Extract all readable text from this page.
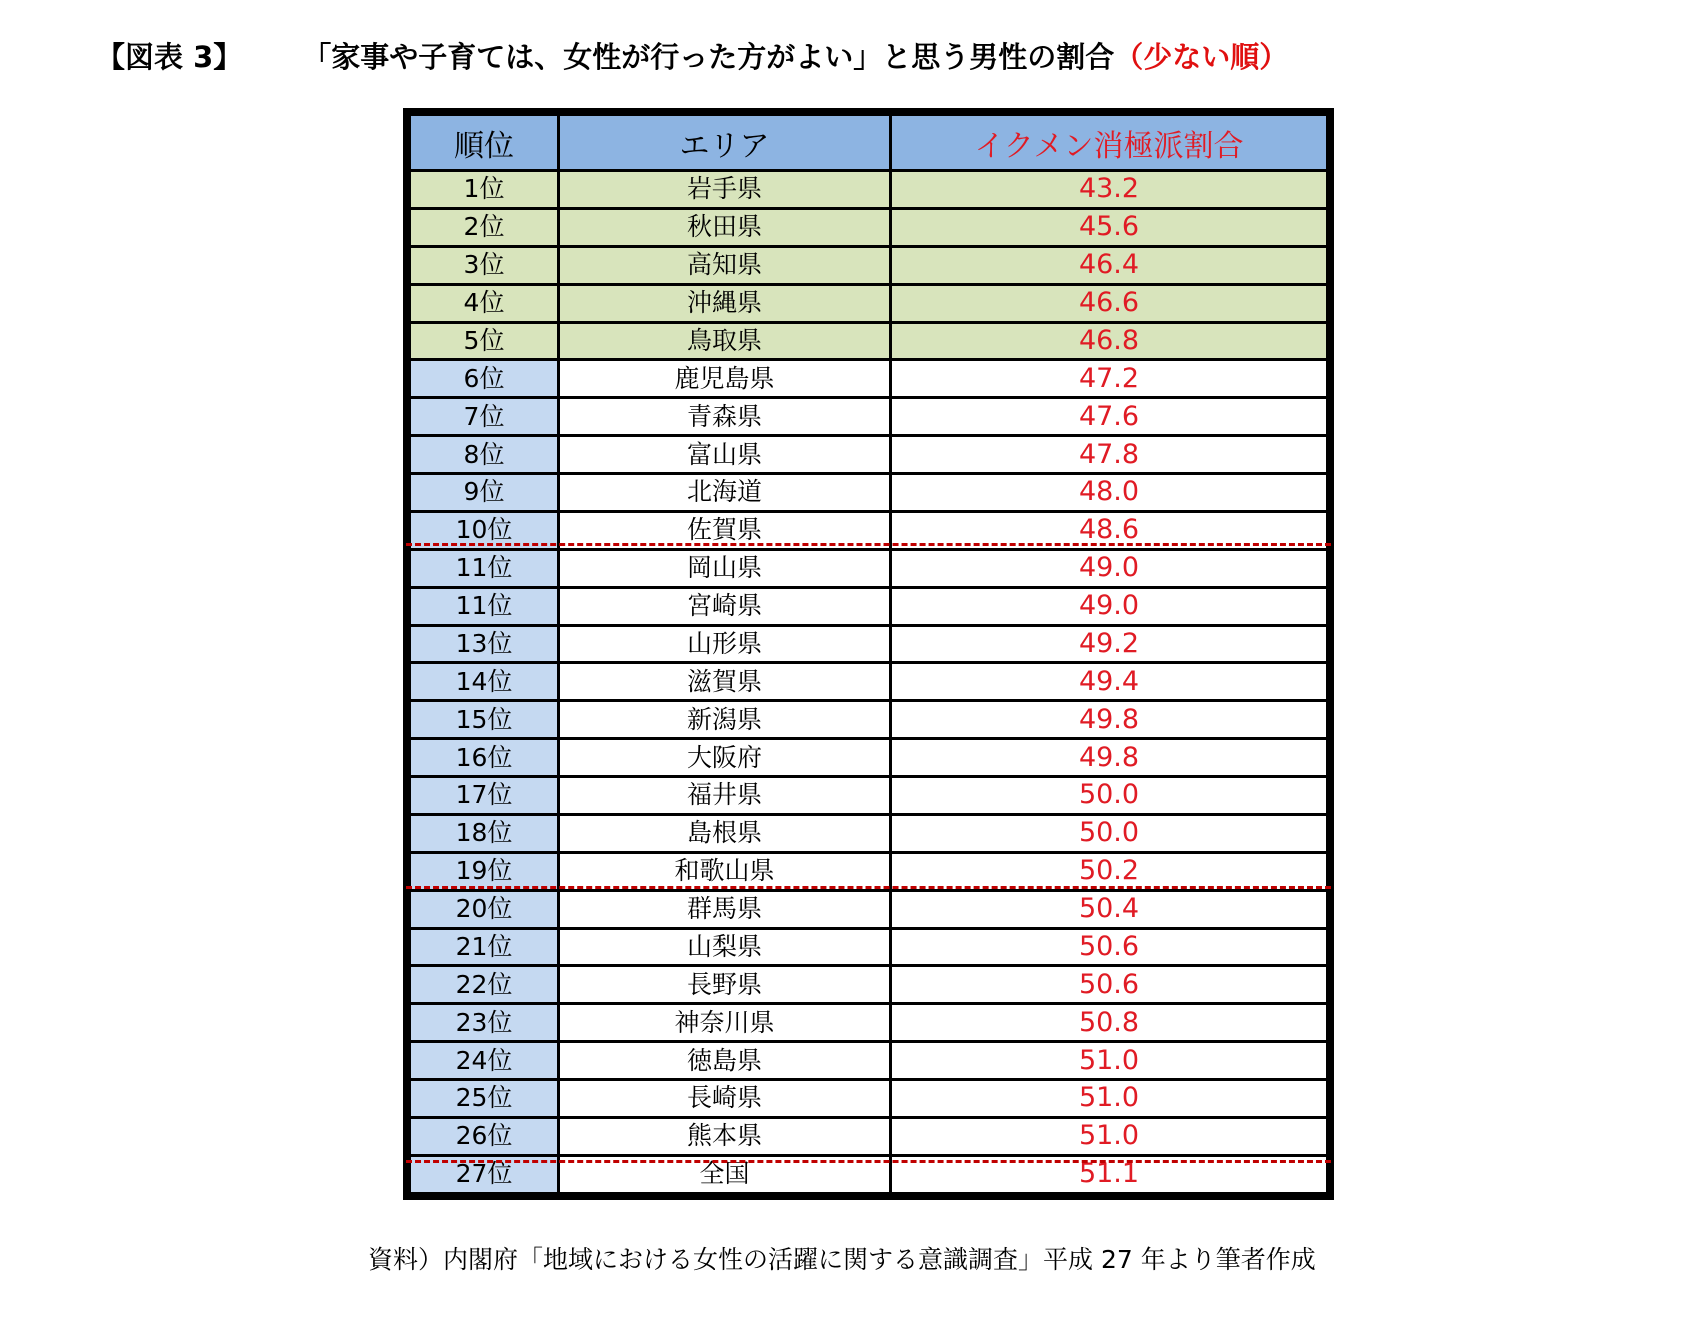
【図表 3】 「家事や子育ては、女性が行った方がよい」と思う男性の割合 （少ない順）
順位	エリア	イクメン消極派割合
1位	岩手県	43.2
2位	秋田県	45.6
3位	高知県	46.4
4位	沖縄県	46.6
5位	鳥取県	46.8
6位	鹿児島県	47.2
7位	青森県	47.6
8位	富山県	47.8
9位	北海道	48.0
10位	佐賀県	48.6
11位	岡山県	49.0
11位	宮崎県	49.0
13位	山形県	49.2
14位	滋賀県	49.4
15位	新潟県	49.8
16位	大阪府	49.8
17位	福井県	50.0
18位	島根県	50.0
19位	和歌山県	50.2
20位	群馬県	50.4
21位	山梨県	50.6
22位	長野県	50.6
23位	神奈川県	50.8
24位	徳島県	51.0
25位	長崎県	51.0
26位	熊本県	51.0
27位	全国	51.1
資料）内閣府「地域における女性の活躍に関する意識調査」平成 27 年より筆者作成
